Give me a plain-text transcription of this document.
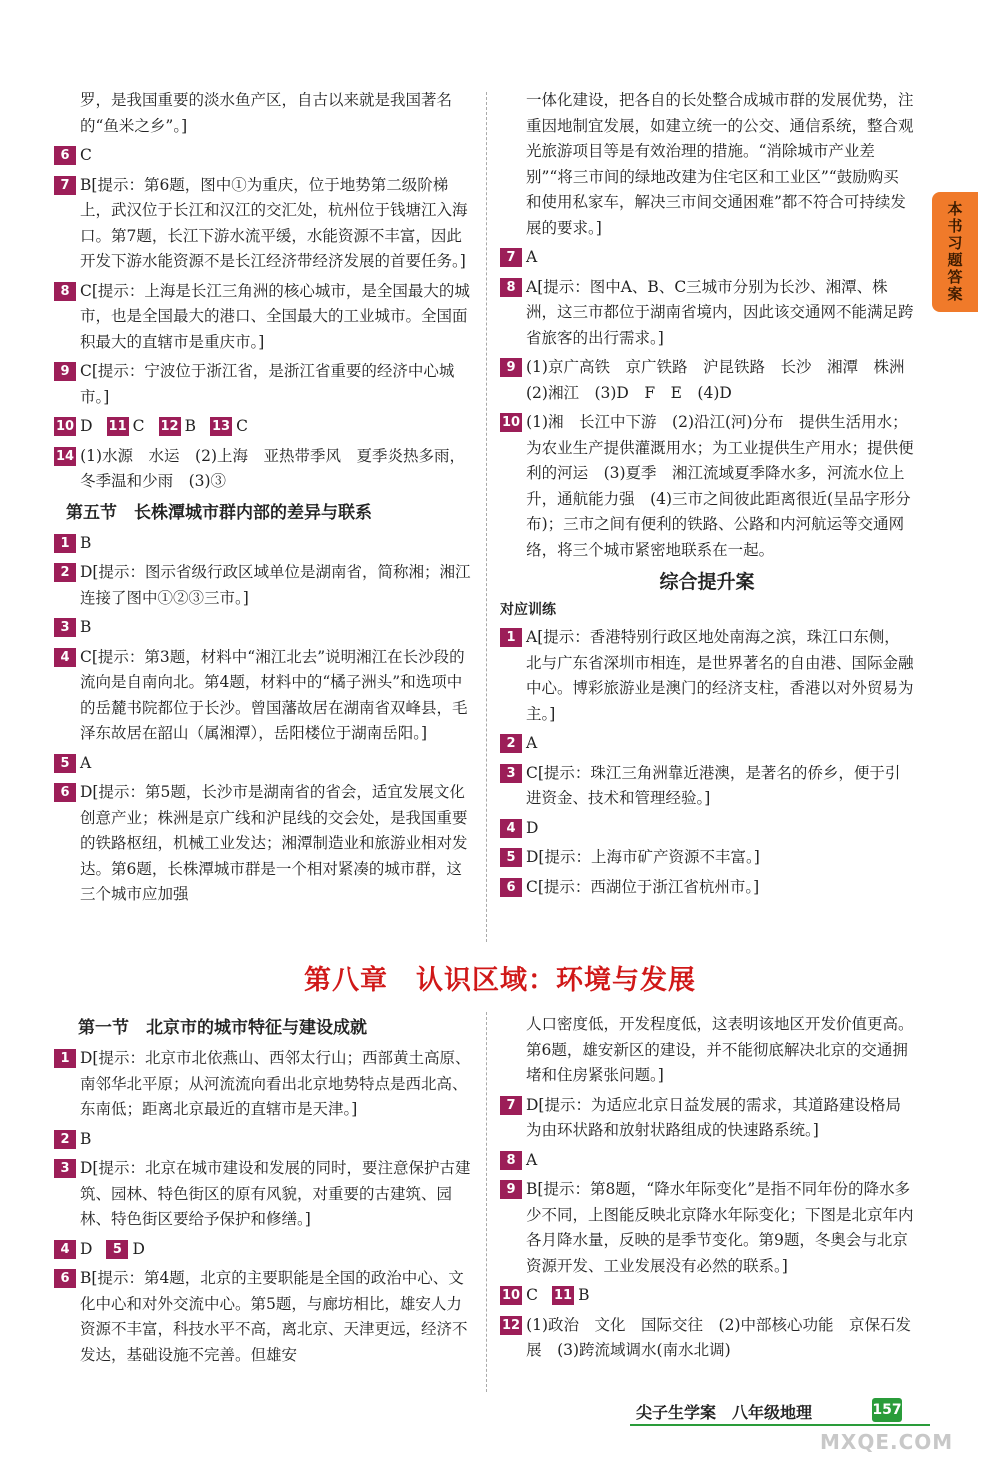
本书习题答案
罗，是我国重要的淡水鱼产区，自古以来就是我国著名的“鱼米之乡”。]
6 C
7 B[提示：第6题，图中①为重庆，位于地势第二级阶梯上，武汉位于长江和汉江的交汇处，杭州位于钱塘江入海口。第7题，长江下游水流平缓，水能资源不丰富，因此开发下游水能资源不是长江经济带经济发展的首要任务。]
8 C[提示：上海是长江三角洲的核心城市，是全国最大的城市，也是全国最大的港口、全国最大的工业城市。全国面积最大的直辖市是重庆市。]
9 C[提示：宁波位于浙江省，是浙江省重要的经济中心城市。]
10 D 11 C 12 B 13 C
14 (1)水源　水运　(2)上海　亚热带季风　夏季炎热多雨，冬季温和少雨　(3)③
第五节　长株潭城市群内部的差异与联系
1 B
2 D[提示：图示省级行政区域单位是湖南省，简称湘；湘江连接了图中①②③三市。]
3 B
4 C[提示：第3题，材料中“湘江北去”说明湘江在长沙段的流向是自南向北。第4题，材料中的“橘子洲头”和选项中的岳麓书院都位于长沙。曾国藩故居在湖南省双峰县，毛泽东故居在韶山（属湘潭），岳阳楼位于湖南岳阳。]
5 A
6 D[提示：第5题，长沙市是湖南省的省会，适宜发展文化创意产业；株洲是京广线和沪昆线的交会处，是我国重要的铁路枢纽，机械工业发达；湘潭制造业和旅游业相对发达。第6题，长株潭城市群是一个相对紧凑的城市群，这三个城市应加强
一体化建设，把各自的长处整合成城市群的发展优势，注重因地制宜发展，如建立统一的公交、通信系统，整合观光旅游项目等是有效治理的措施。“消除城市产业差别”“将三市间的绿地改建为住宅区和工业区”“鼓励购买和使用私家车，解决三市间交通困难”都不符合可持续发展的要求。]
7 A
8 A[提示：图中A、B、C三城市分别为长沙、湘潭、株洲，这三市都位于湖南省境内，因此该交通网不能满足跨省旅客的出行需求。]
9 (1)京广高铁　京广铁路　沪昆铁路　长沙　湘潭　株洲　(2)湘江　(3)D　F　E　(4)D
10 (1)湘　长江中下游　(2)沿江(河)分布　提供生活用水；为农业生产提供灌溉用水；为工业提供生产用水；提供便利的河运　(3)夏季　湘江流域夏季降水多，河流水位上升，通航能力强　(4)三市之间彼此距离很近(呈品字形分布)；三市之间有便利的铁路、公路和内河航运等交通网络，将三个城市紧密地联系在一起。
综合提升案
对应训练
1 A[提示：香港特别行政区地处南海之滨，珠江口东侧，北与广东省深圳市相连，是世界著名的自由港、国际金融中心。博彩旅游业是澳门的经济支柱，香港以对外贸易为主。]
2 A
3 C[提示：珠江三角洲靠近港澳，是著名的侨乡，便于引进资金、技术和管理经验。]
4 D
5 D[提示：上海市矿产资源不丰富。]
6 C[提示：西湖位于浙江省杭州市。]
第八章　认识区域：环境与发展
第一节　北京市的城市特征与建设成就
1 D[提示：北京市北依燕山、西邻太行山；西部黄土高原、南邻华北平原；从河流流向看出北京地势特点是西北高、东南低；距离北京最近的直辖市是天津。]
2 B
3 D[提示：北京在城市建设和发展的同时，要注意保护古建筑、园林、特色街区的原有风貌，对重要的古建筑、园林、特色街区要给予保护和修缮。]
4 D	5 D
6 B[提示：第4题，北京的主要职能是全国的政治中心、文化中心和对外交流中心。第5题，与廊坊相比，雄安人力资源不丰富，科技水平不高，离北京、天津更远，经济不发达，基础设施不完善。但雄安
人口密度低，开发程度低，这表明该地区开发价值更高。第6题，雄安新区的建设，并不能彻底解决北京的交通拥堵和住房紧张问题。]
7 D[提示：为适应北京日益发展的需求，其道路建设格局为由环状路和放射状路组成的快速路系统。]
8 A
9 B[提示：第8题，“降水年际变化”是指不同年份的降水多少不同，上图能反映北京降水年际变化；下图是北京年内各月降水量，反映的是季节变化。第9题，冬奥会与北京资源开发、工业发展没有必然的联系。]
10 C 11 B
12 (1)政治　文化　国际交往　(2)中部核心功能　京保石发展　(3)跨流域调水(南水北调)
尖子生学案　八年级地理	157
MXQE.COM
